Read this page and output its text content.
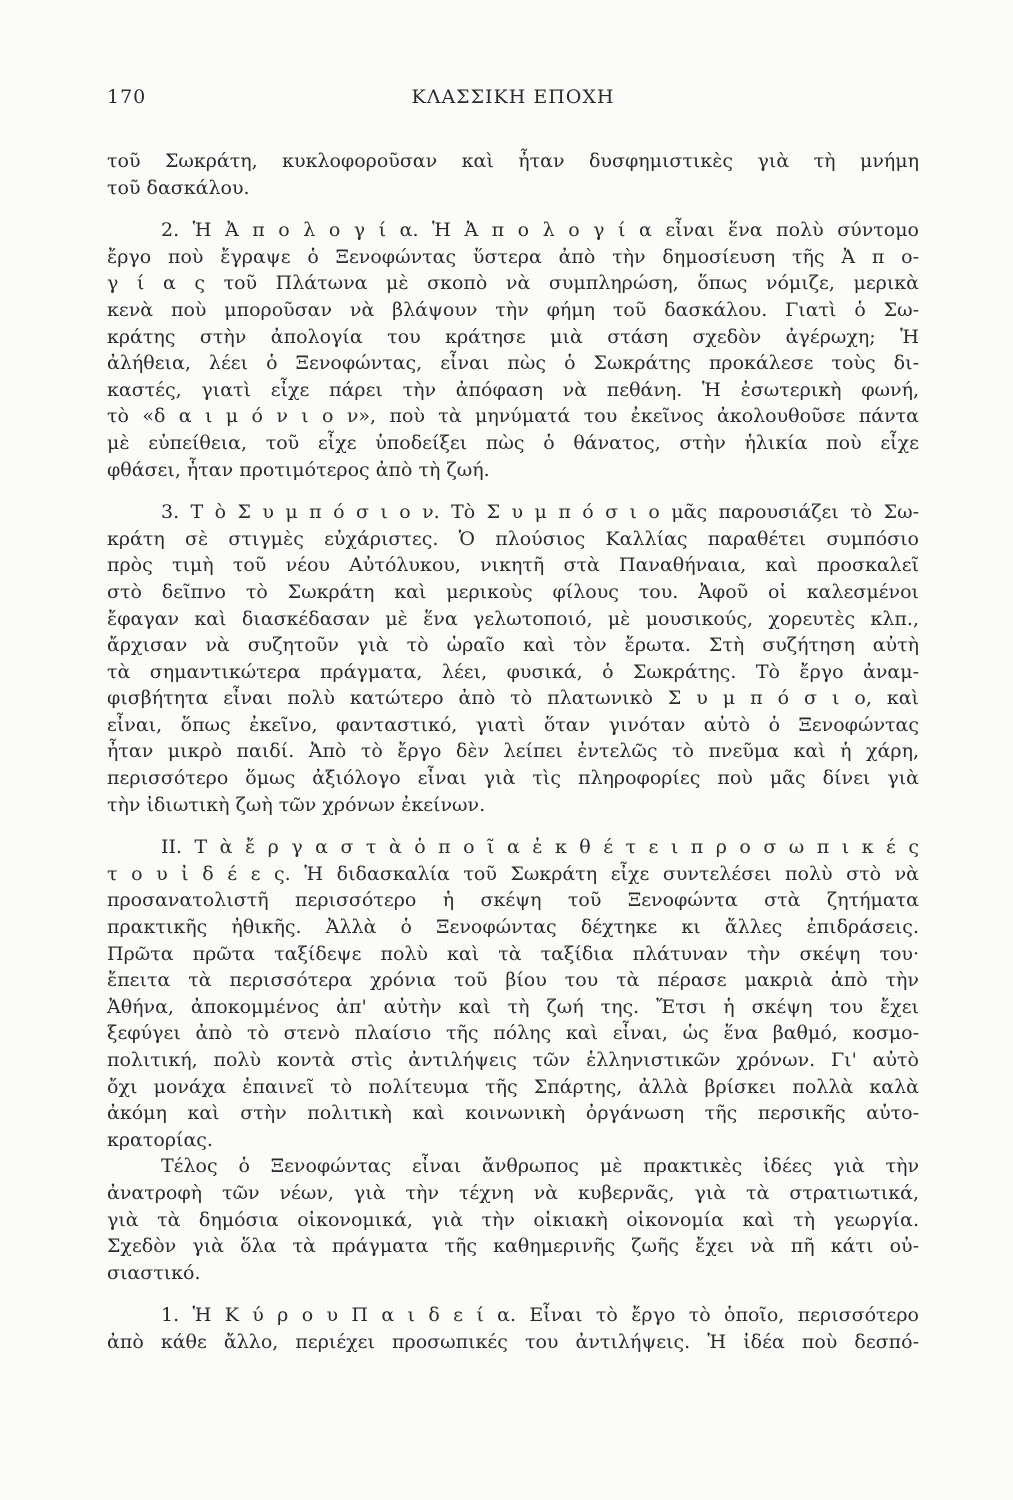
170	ΚΛΑΣΣΙΚΗ ΕΠΟΧΗ
τοῦ Σωκράτη, κυκλοφοροῦσαν καὶ ἦταν δυσφημιστικὲς γιὰ τὴ μνήμη
τοῦ δασκάλου.
2. Ἡ Ἀ π ο λ ο γ ί α. Ἡ Ἀ π ο λ ο γ ί α εἶναι ἕνα πολὺ σύντομο
ἔργο ποὺ ἔγραψε ὁ Ξενοφώντας ὕστερα ἀπὸ τὴν δημοσίευση τῆς Ἀ π ο-
γ ί α ς τοῦ Πλάτωνα μὲ σκοπὸ νὰ συμπληρώση, ὅπως νόμιζε, μερικὰ
κενὰ ποὺ μποροῦσαν νὰ βλάψουν τὴν φήμη τοῦ δασκάλου. Γιατὶ ὁ Σω-
κράτης στὴν ἀπολογία του κράτησε μιὰ στάση σχεδὸν ἀγέρωχη; Ἡ
ἀλήθεια, λέει ὁ Ξενοφώντας, εἶναι πὼς ὁ Σωκράτης προκάλεσε τοὺς δι-
καστές, γιατὶ εἶχε πάρει τὴν ἀπόφαση νὰ πεθάνη. Ἡ ἐσωτερικὴ φωνή,
τὸ «δ α ι μ ό ν ι ο ν», ποὺ τὰ μηνύματά του ἐκεῖνος ἀκολουθοῦσε πάντα
μὲ εὐπείθεια, τοῦ εἶχε ὑποδείξει πὼς ὁ θάνατος, στὴν ἡλικία ποὺ εἶχε
φθάσει, ἦταν προτιμότερος ἀπὸ τὴ ζωή.
3. Τ ὸ Σ υ μ π ό σ ι ο ν. Τὸ Σ υ μ π ό σ ι ο μᾶς παρουσιάζει τὸ Σω-
κράτη σὲ στιγμὲς εὐχάριστες. Ὁ πλούσιος Καλλίας παραθέτει συμπόσιο
πρὸς τιμὴ τοῦ νέου Αὐτόλυκου, νικητῆ στὰ Παναθήναια, καὶ προσκαλεῖ
στὸ δεῖπνο τὸ Σωκράτη καὶ μερικοὺς φίλους του. Ἀφοῦ οἱ καλεσμένοι
ἔφαγαν καὶ διασκέδασαν μὲ ἕνα γελωτοποιό, μὲ μουσικούς, χορευτὲς κλπ.,
ἄρχισαν νὰ συζητοῦν γιὰ τὸ ὡραῖο καὶ τὸν ἔρωτα. Στὴ συζήτηση αὐτὴ
τὰ σημαντικώτερα πράγματα, λέει, φυσικά, ὁ Σωκράτης. Τὸ ἔργο ἀναμ-
φισβήτητα εἶναι πολὺ κατώτερο ἀπὸ τὸ πλατωνικὸ Σ υ μ π ό σ ι ο, καὶ
εἶναι, ὅπως ἐκεῖνο, φανταστικό, γιατὶ ὅταν γινόταν αὐτὸ ὁ Ξενοφώντας
ἦταν μικρὸ παιδί. Ἀπὸ τὸ ἔργο δὲν λείπει ἐντελῶς τὸ πνεῦμα καὶ ἡ χάρη,
περισσότερο ὅμως ἀξιόλογο εἶναι γιὰ τὶς πληροφορίες ποὺ μᾶς δίνει γιὰ
τὴν ἰδιωτικὴ ζωὴ τῶν χρόνων ἐκείνων.
ΙΙ. Τ ὰ ἔ ρ γ α σ τ ὰ ὁ π ο ῖ α ἐ κ θ έ τ ε ι π ρ ο σ ω π ι κ έ ς
τ ο υ ἰ δ έ ε ς. Ἡ διδασκαλία τοῦ Σωκράτη εἶχε συντελέσει πολὺ στὸ νὰ
προσανατολιστῆ περισσότερο ἡ σκέψη τοῦ Ξενοφώντα στὰ ζητήματα
πρακτικῆς ἠθικῆς. Ἀλλὰ ὁ Ξενοφώντας δέχτηκε κι ἄλλες ἐπιδράσεις.
Πρῶτα πρῶτα ταξίδεψε πολὺ καὶ τὰ ταξίδια πλάτυναν τὴν σκέψη του·
ἔπειτα τὰ περισσότερα χρόνια τοῦ βίου του τὰ πέρασε μακριὰ ἀπὸ τὴν
Ἀθήνα, ἀποκομμένος ἀπ' αὐτὴν καὶ τὴ ζωή της. Ἔτσι ἡ σκέψη του ἔχει
ξεφύγει ἀπὸ τὸ στενὸ πλαίσιο τῆς πόλης καὶ εἶναι, ὡς ἕνα βαθμό, κοσμο-
πολιτική, πολὺ κοντὰ στὶς ἀντιλήψεις τῶν ἑλληνιστικῶν χρόνων. Γι' αὐτὸ
ὄχι μονάχα ἐπαινεῖ τὸ πολίτευμα τῆς Σπάρτης, ἀλλὰ βρίσκει πολλὰ καλὰ
ἀκόμη καὶ στὴν πολιτικὴ καὶ κοινωνικὴ ὀργάνωση τῆς περσικῆς αὐτο-
κρατορίας.
Τέλος ὁ Ξενοφώντας εἶναι ἄνθρωπος μὲ πρακτικὲς ἰδέες γιὰ τὴν
ἀνατροφὴ τῶν νέων, γιὰ τὴν τέχνη νὰ κυβερνᾶς, γιὰ τὰ στρατιωτικά,
γιὰ τὰ δημόσια οἰκονομικά, γιὰ τὴν οἰκιακὴ οἰκονομία καὶ τὴ γεωργία.
Σχεδὸν γιὰ ὅλα τὰ πράγματα τῆς καθημερινῆς ζωῆς ἔχει νὰ πῆ κάτι οὐ-
σιαστικό.
1. Ἡ Κ ύ ρ ο υ Π α ι δ ε ί α. Εἶναι τὸ ἔργο τὸ ὁποῖο, περισσότερο
ἀπὸ κάθε ἄλλο, περιέχει προσωπικές του ἀντιλήψεις. Ἡ ἰδέα ποὺ δεσπό-
